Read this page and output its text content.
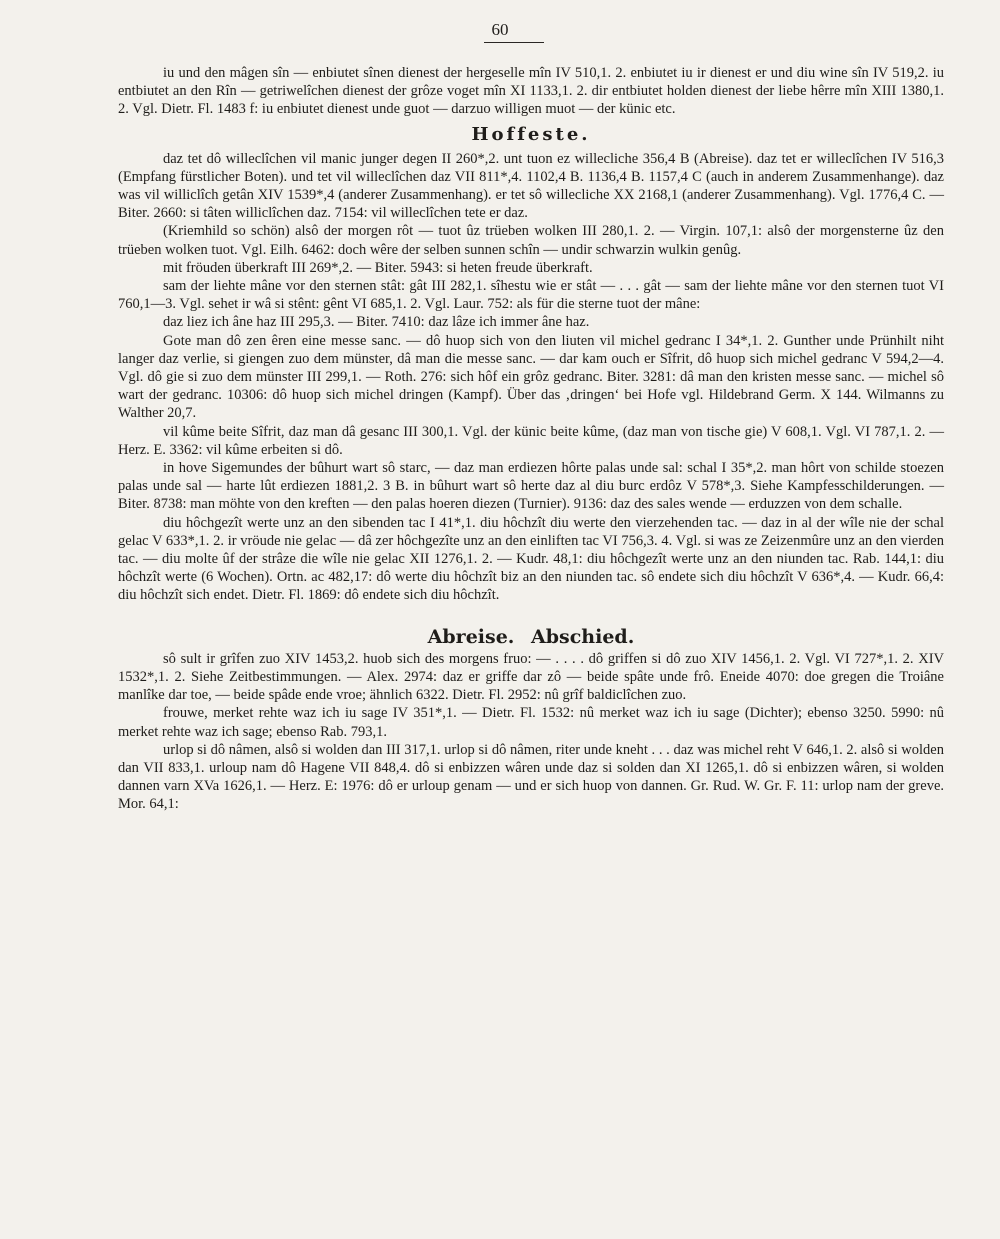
60

iu und den mâgen sîn — enbiutet sînen dienest der hergeselle mîn IV 510,1. 2. enbiutet iu ir dienest er und diu wine sîn IV 519,2. iu entbiutet an den Rîn — getriwelîchen dienest der grôze voget mîn XI 1133,1. 2. dir entbiutet holden dienest der liebe hêrre mîn XIII 1380,1. 2. Vgl. Dietr. Fl. 1483 f: iu enbiutet dienest unde guot — darzuo willigen muot — der künic etc.

Hoffeste.

daz tet dô willeclîchen vil manic junger degen II 260*,2. unt tuon ez willecliche 356,4 B (Abreise). daz tet er willeclîchen IV 516,3 (Empfang fürstlicher Boten). und tet vil willeclîchen daz VII 811*,4. 1102,4 B. 1136,4 B. 1157,4 C (auch in anderem Zusammenhange). daz was vil williclîch getân XIV 1539*,4 (anderer Zusammenhang). er tet sô willecliche XX 2168,1 (anderer Zusammenhang). Vgl. 1776,4 C. — Biter. 2660: si tâten williclîchen daz. 7154: vil willeclîchen tete er daz.

(Kriemhild so schön) alsô der morgen rôt — tuot ûz trüeben wolken III 280,1. 2. — Virgin. 107,1: alsô der morgensterne ûz den trüeben wolken tuot. Vgl. Eilh. 6462: doch wêre der selben sunnen schîn — undir schwarzin wulkin genûg.

mit fröuden überkraft III 269*,2. — Biter. 5943: si heten freude überkraft.

sam der liehte mâne vor den sternen stât: gât III 282,1. sîhestu wie er stât — . . . gât — sam der liehte mâne vor den sternen tuot VI 760,1—3. Vgl. sehet ir wâ si stênt: gênt VI 685,1. 2. Vgl. Laur. 752: als für die sterne tuot der mâne:

daz liez ich âne haz III 295,3. — Biter. 7410: daz lâze ich immer âne haz.

Gote man dô zen êren eine messe sanc. — dô huop sich von den liuten vil michel gedranc I 34*,1. 2. Gunther unde Prünhilt niht langer daz verlie, si giengen zuo dem münster, dâ man die messe sanc. — dar kam ouch er Sîfrit, dô huop sich michel gedranc V 594,2—4. Vgl. dô gie si zuo dem münster III 299,1. — Roth. 276: sich hôf ein grôz gedranc. Biter. 3281: dâ man den kristen messe sanc. — michel sô wart der gedranc. 10306: dô huop sich michel dringen (Kampf). Über das ‚dringen‘ bei Hofe vgl. Hildebrand Germ. X 144. Wilmanns zu Walther 20,7.

vil kûme beite Sîfrit, daz man dâ gesanc III 300,1. Vgl. der künic beite kûme, (daz man von tische gie) V 608,1. Vgl. VI 787,1. 2. — Herz. E. 3362: vil kûme erbeiten si dô.

in hove Sigemundes der bûhurt wart sô starc, — daz man erdiezen hôrte palas unde sal: schal I 35*,2. man hôrt von schilde stoezen palas unde sal — harte lût erdiezen 1881,2. 3 B. in bûhurt wart sô herte daz al diu burc erdôz V 578*,3. Siehe Kampfesschilderungen. — Biter. 8738: man möhte von den kreften — den palas hoeren diezen (Turnier). 9136: daz des sales wende — erduzzen von dem schalle.

diu hôchgezît werte unz an den sibenden tac I 41*,1. diu hôchzît diu werte den vierzehenden tac. — daz in al der wîle nie der schal gelac V 633*,1. 2. ir vröude nie gelac — dâ zer hôchgezîte unz an den einliften tac VI 756,3. 4. Vgl. si was ze Zeizenmûre unz an den vierden tac. — diu molte ûf der strâze die wîle nie gelac XII 1276,1. 2. — Kudr. 48,1: diu hôchgezît werte unz an den niunden tac. Rab. 144,1: diu hôchzît werte (6 Wochen). Ortn. ac 482,17: dô werte diu hôchzît biz an den niunden tac. sô endete sich diu hôchzît V 636*,4. — Kudr. 66,4: diu hôchzît sich endet. Dietr. Fl. 1869: dô endete sich diu hôchzît.

Abreise. Abschied.

sô sult ir grîfen zuo XIV 1453,2. huob sich des morgens fruo: — . . . . dô griffen si dô zuo XIV 1456,1. 2. Vgl. VI 727*,1. 2. XIV 1532*,1. 2. Siehe Zeitbestimmungen. — Alex. 2974: daz er griffe dar zô — beide spâte unde frô. Eneide 4070: doe gregen die Troiâne manlîke dar toe, — beide spâde ende vroe; ähnlich 6322. Dietr. Fl. 2952: nû grîf baldiclîchen zuo.

frouwe, merket rehte waz ich iu sage IV 351*,1. — Dietr. Fl. 1532: nû merket waz ich iu sage (Dichter); ebenso 3250. 5990: nû merket rehte waz ich sage; ebenso Rab. 793,1.

urlop si dô nâmen, alsô si wolden dan III 317,1. urlop si dô nâmen, riter unde kneht . . . daz was michel reht V 646,1. 2. alsô si wolden dan VII 833,1. urloup nam dô Hagene VII 848,4. dô si enbizzen wâren unde daz si solden dan XI 1265,1. dô si enbizzen wâren, si wolden dannen varn XVa 1626,1. — Herz. E: 1976: dô er urloup genam — und er sich huop von dannen. Gr. Rud. W. Gr. F. 11: urlop nam der greve. Mor. 64,1:
